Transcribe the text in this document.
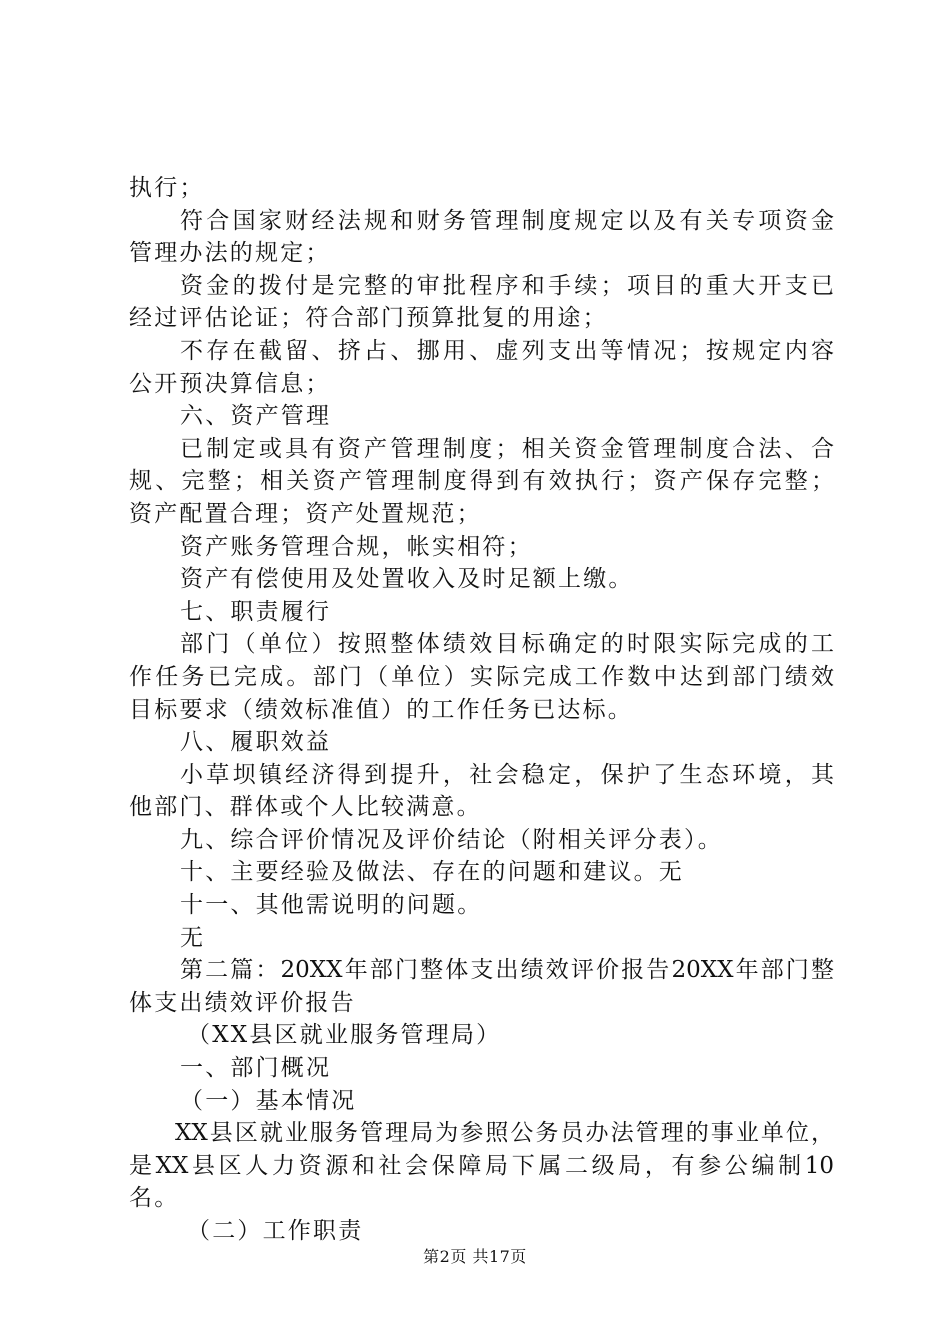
执行；
符合国家财经法规和财务管理制度规定以及有关专项资金
管理办法的规定；
资金的拨付是完整的审批程序和手续；项目的重大开支已
经过评估论证；符合部门预算批复的用途；
不存在截留、挤占、挪用、虚列支出等情况；按规定内容
公开预决算信息；
六、资产管理
已制定或具有资产管理制度；相关资金管理制度合法、合
规、完整；相关资产管理制度得到有效执行；资产保存完整；
资产配置合理；资产处置规范；
资产账务管理合规，帐实相符；
资产有偿使用及处置收入及时足额上缴。
七、职责履行
部门（单位）按照整体绩效目标确定的时限实际完成的工
作任务已完成。部门（单位）实际完成工作数中达到部门绩效
目标要求（绩效标准值）的工作任务已达标。
八、履职效益
小草坝镇经济得到提升，社会稳定，保护了生态环境，其
他部门、群体或个人比较满意。
九、综合评价情况及评价结论（附相关评分表）。
十、主要经验及做法、存在的问题和建议。无
十一、其他需说明的问题。
无
第二篇：20XX年部门整体支出绩效评价报告20XX年部门整
体支出绩效评价报告
（XX县区就业服务管理局）
一、部门概况
（一）基本情况
XX县区就业服务管理局为参照公务员办法管理的事业单位，
是XX县区人力资源和社会保障局下属二级局，有参公编制10
名。
（二）工作职责
第2页 共17页
